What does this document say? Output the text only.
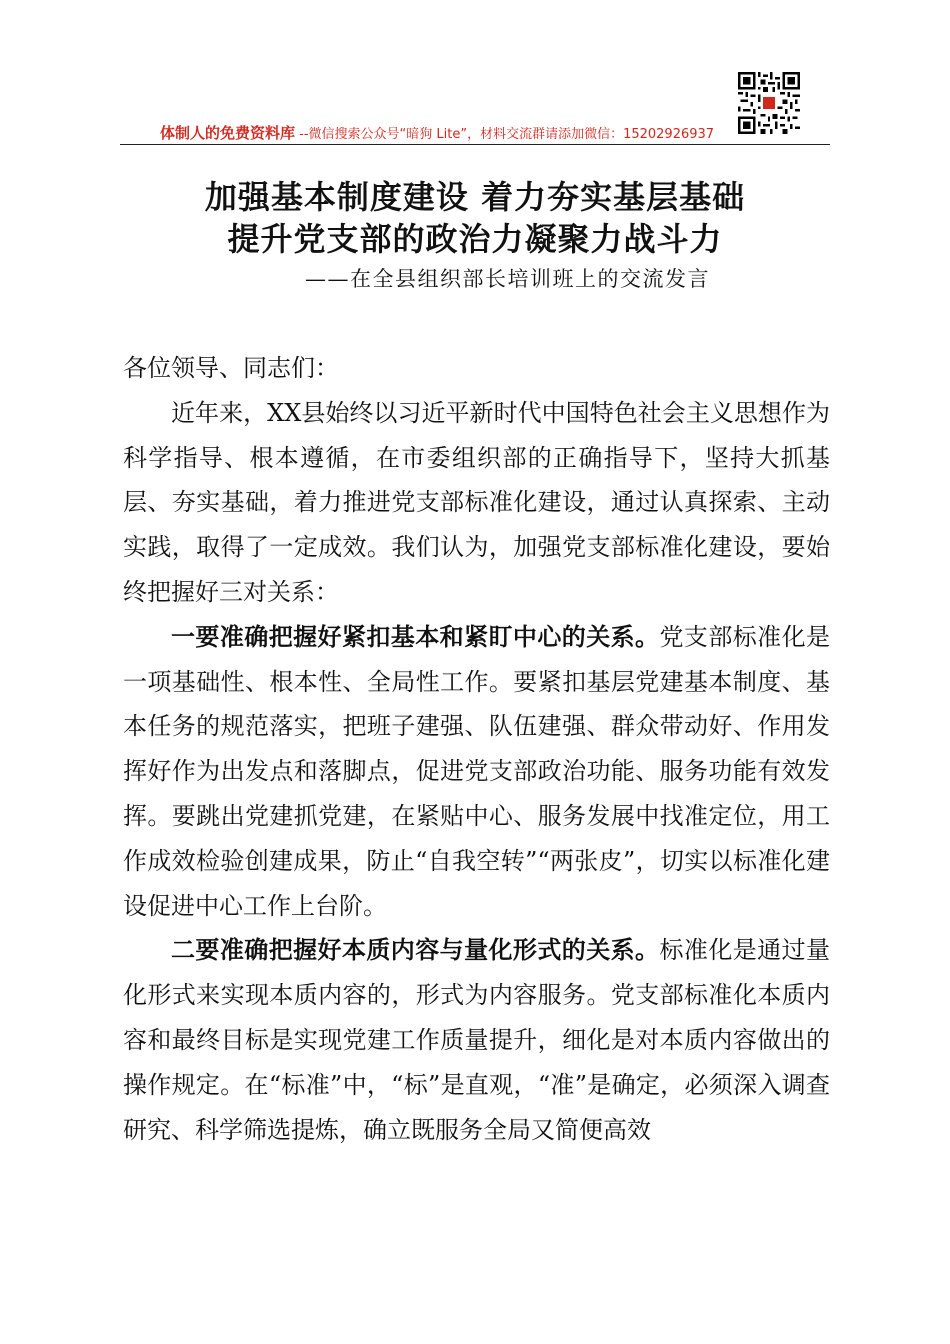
体制人的免费资料库 --微信搜索公众号“暗狗 Lite”，材料交流群请添加微信：15202926937
加强基本制度建设 着力夯实基层基础
提升党支部的政治力凝聚力战斗力
——在全县组织部长培训班上的交流发言

各位领导、同志们：

近年来，XX县始终以习近平新时代中国特色社会主义思想作为科学指导、根本遵循，在市委组织部的正确指导下，坚持大抓基层、夯实基础，着力推进党支部标准化建设，通过认真探索、主动实践，取得了一定成效。我们认为，加强党支部标准化建设，要始终把握好三对关系：

一要准确把握好紧扣基本和紧盯中心的关系。党支部标准化是一项基础性、根本性、全局性工作。要紧扣基层党建基本制度、基本任务的规范落实，把班子建强、队伍建强、群众带动好、作用发挥好作为出发点和落脚点，促进党支部政治功能、服务功能有效发挥。要跳出党建抓党建，在紧贴中心、服务发展中找准定位，用工作成效检验创建成果，防止“自我空转”“两张皮”，切实以标准化建设促进中心工作上台阶。

二要准确把握好本质内容与量化形式的关系。标准化是通过量化形式来实现本质内容的，形式为内容服务。党支部标准化本质内容和最终目标是实现党建工作质量提升，细化是对本质内容做出的操作规定。在“标准”中，“标”是直观，“准”是确定，必须深入调查研究、科学筛选提炼，确立既服务全局又简便高效
